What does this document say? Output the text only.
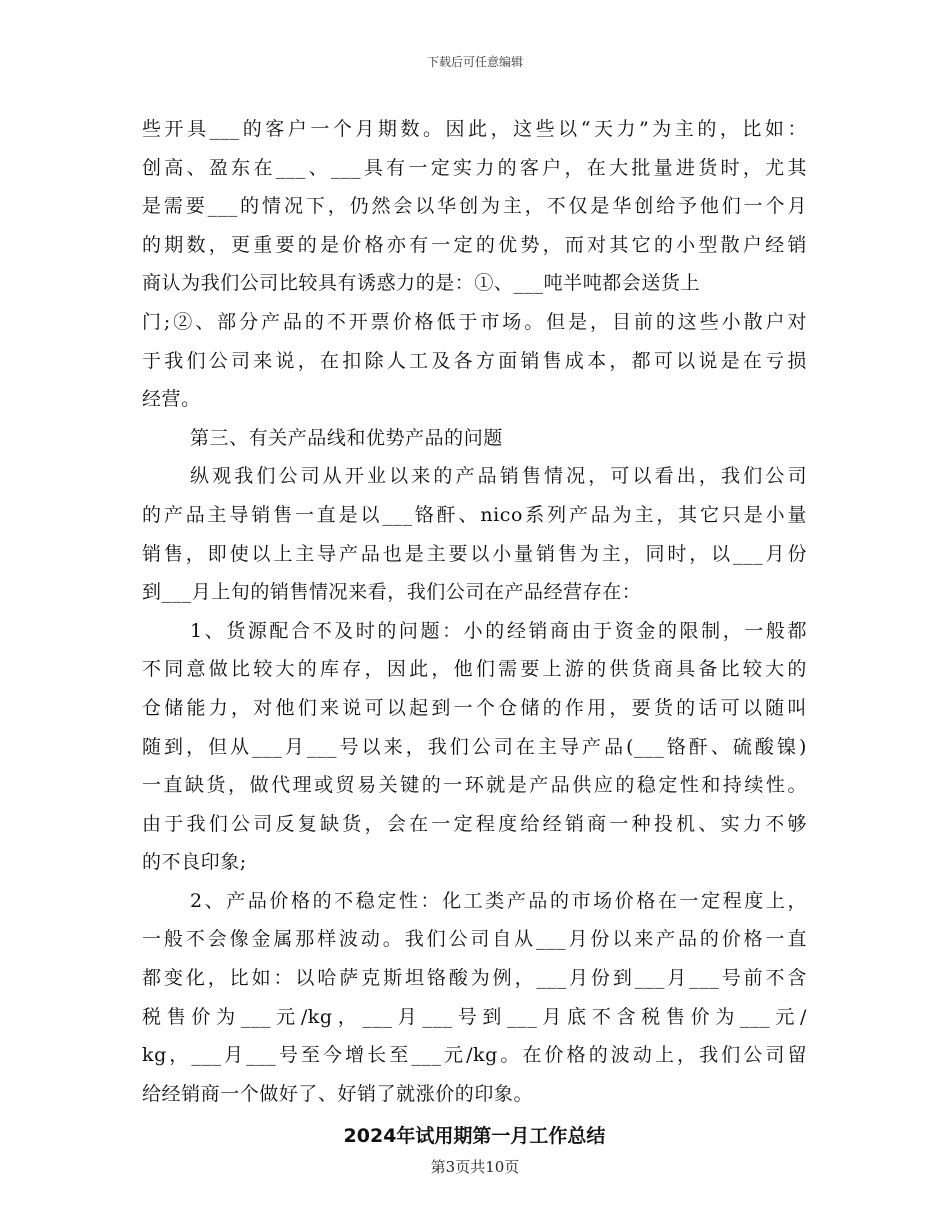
下载后可任意编辑
些开具___的客户一个月期数。因此，这些以“天力”为主的，比如：
创高、盈东在___、___具有一定实力的客户，在大批量进货时，尤其
是需要___的情况下，仍然会以华创为主，不仅是华创给予他们一个月
的期数，更重要的是价格亦有一定的优势，而对其它的小型散户经销
商认为我们公司比较具有诱惑力的是：①、___吨半吨都会送货上
门;②、部分产品的不开票价格低于市场。但是，目前的这些小散户对
于我们公司来说，在扣除人工及各方面销售成本，都可以说是在亏损
经营。
第三、有关产品线和优势产品的问题
纵观我们公司从开业以来的产品销售情况，可以看出，我们公司
的产品主导销售一直是以___铬酐、nico系列产品为主，其它只是小量
销售，即使以上主导产品也是主要以小量销售为主，同时，以___月份
到___月上旬的销售情况来看，我们公司在产品经营存在：
1、货源配合不及时的问题：小的经销商由于资金的限制，一般都
不同意做比较大的库存，因此，他们需要上游的供货商具备比较大的
仓储能力，对他们来说可以起到一个仓储的作用，要货的话可以随叫
随到，但从___月___号以来，我们公司在主导产品(___铬酐、硫酸镍)
一直缺货，做代理或贸易关键的一环就是产品供应的稳定性和持续性。
由于我们公司反复缺货，会在一定程度给经销商一种投机、实力不够
的不良印象;
2、产品价格的不稳定性：化工类产品的市场价格在一定程度上，
一般不会像金属那样波动。我们公司自从___月份以来产品的价格一直
都变化，比如：以哈萨克斯坦铬酸为例，___月份到___月___号前不含
税售价为___元/kg，___月___号到___月底不含税售价为___元/
kg，___月___号至今增长至___元/kg。在价格的波动上，我们公司留
给经销商一个做好了、好销了就涨价的印象。
2024年试用期第一月工作总结
第3页共10页
